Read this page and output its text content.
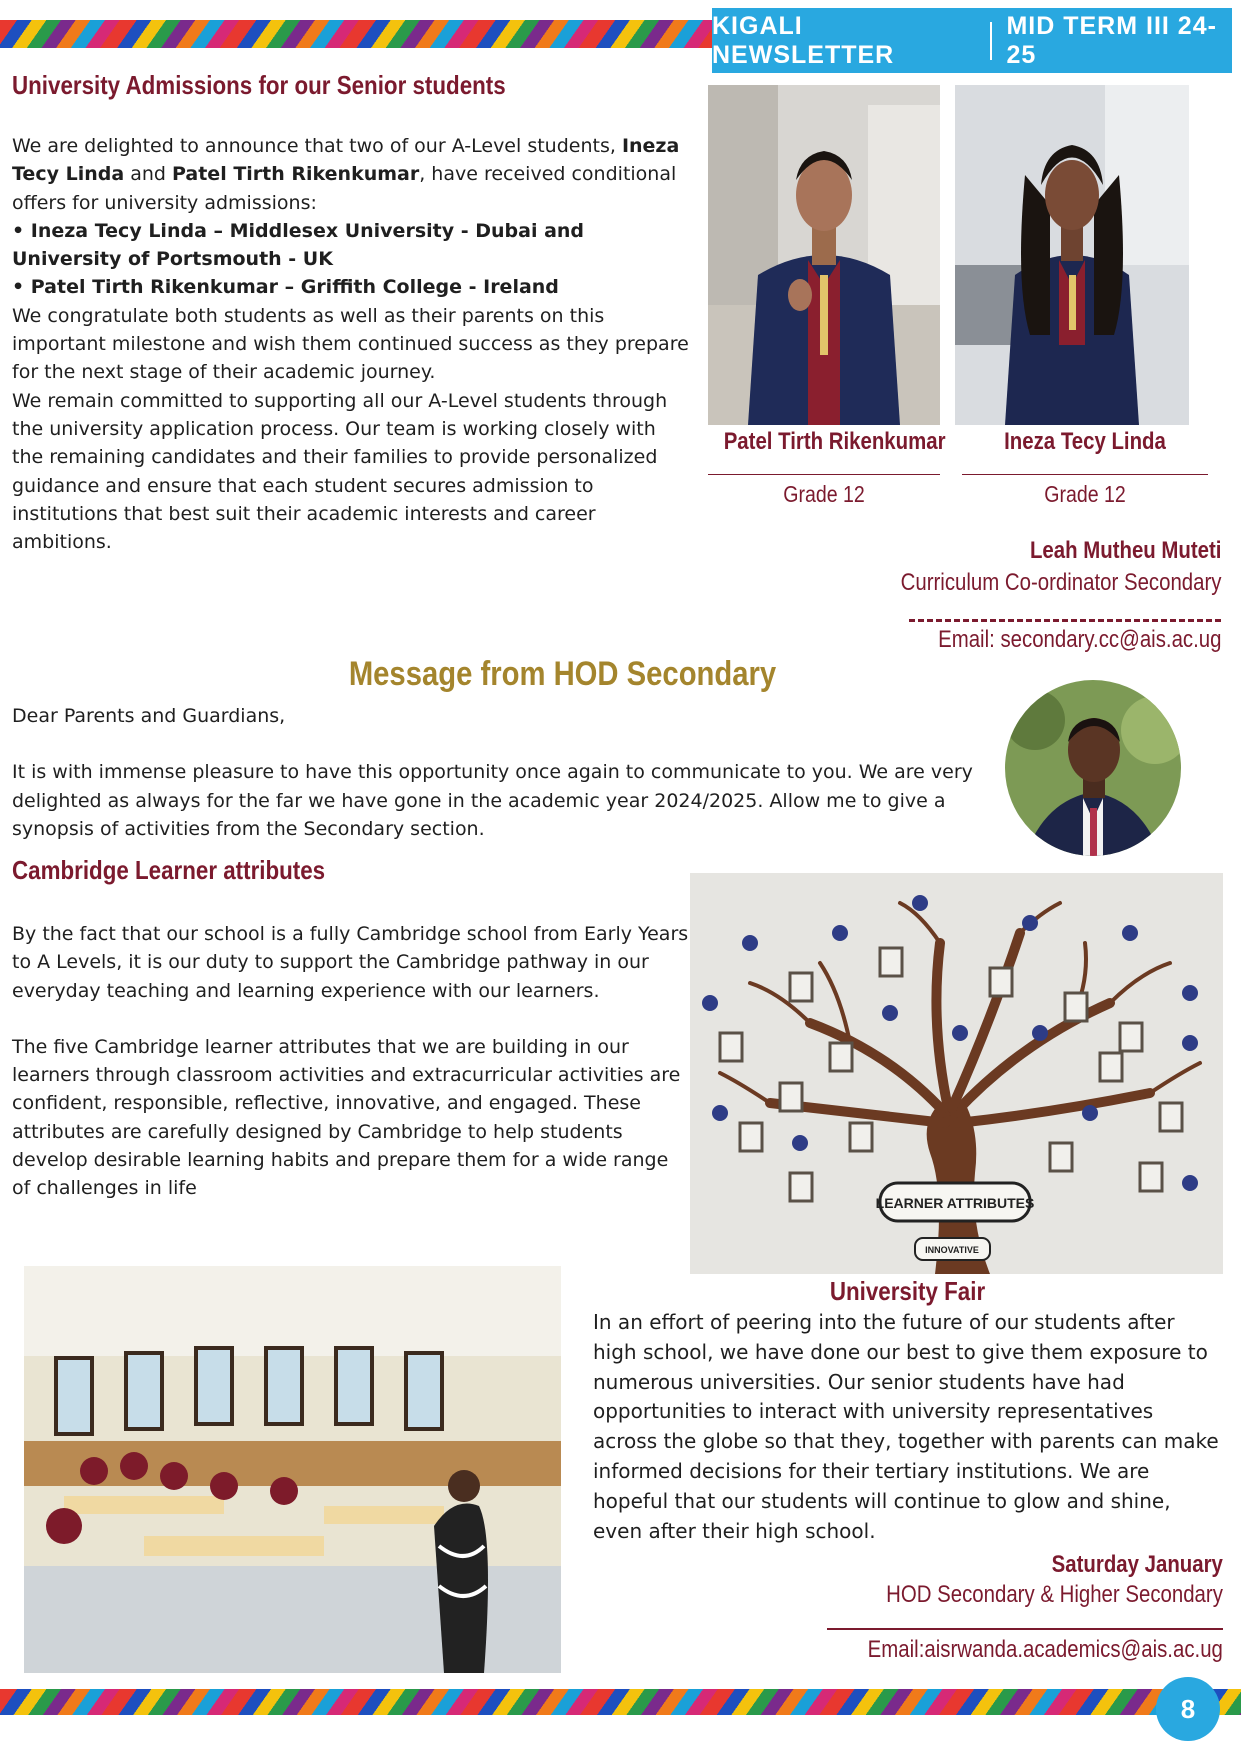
KIGALI NEWSLETTER
MID TERM III 24-25
University Admissions for our Senior students

We are delighted to announce that two of our A-Level students, Ineza Tecy Linda and Patel Tirth Rikenkumar, have received conditional offers for university admissions:

• Ineza Tecy Linda – Middlesex University - Dubai and University of Portsmouth - UK

• Patel Tirth Rikenkumar – Griffith College - Ireland

We congratulate both students as well as their parents on this important milestone and wish them continued success as they prepare for the next stage of their academic journey.

We remain committed to supporting all our A-Level students through the university application process. Our team is working closely with the remaining candidates and their families to provide personalized guidance and ensure that each student secures admission to institutions that best suit their academic interests and career ambitions.

Patel Tirth Rikenkumar
Grade 12
Ineza Tecy Linda
Grade 12
Leah Mutheu Muteti
Curriculum Co-ordinator Secondary
Email: secondary.cc@ais.ac.ug
Message from HOD Secondary

Dear Parents and Guardians,

It is with immense pleasure to have this opportunity once again to communicate to you. We are very delighted as always for the far we have gone in the academic year 2024/2025. Allow me to give a synopsis of activities from the Secondary section.

Cambridge Learner attributes

By the fact that our school is a fully Cambridge school from Early Years to A Levels, it is our duty to support the Cambridge pathway in our everyday teaching and learning experience with our learners.

The five Cambridge learner attributes that we are building in our learners through classroom activities and extracurricular activities are confident, responsible, reflective, innovative, and engaged. These attributes are carefully designed by Cambridge to help students develop desirable learning habits and prepare them for a wide range of challenges in life

LEARNER ATTRIBUTES
INNOVATIVE
University Fair
In an effort of peering into the future of our students after high school, we have done our best to give them exposure to numerous universities. Our senior students have had opportunities to interact with university representatives across the globe so that they, together with parents can make informed decisions for their tertiary institutions. We are hopeful that our students will continue to glow and shine, even after their high school.
Saturday January
HOD Secondary & Higher Secondary
Email:aisrwanda.academics@ais.ac.ug
8
